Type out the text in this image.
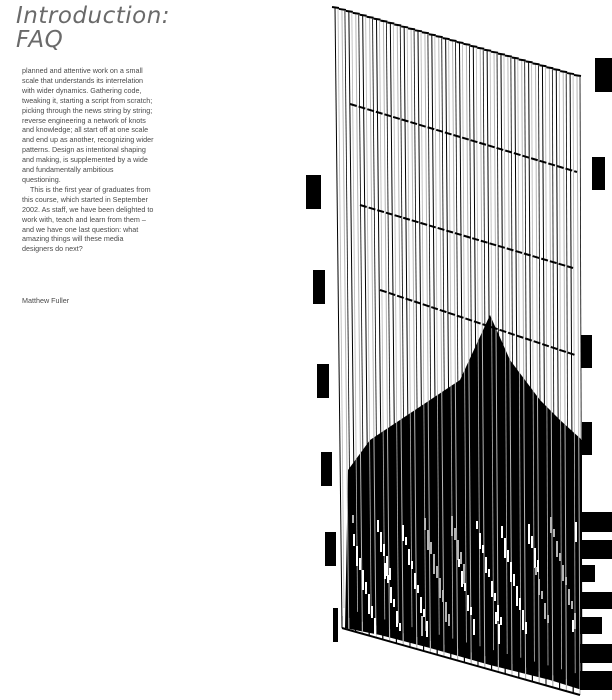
Introduction:
FAQ

planned and attentive work on a small scale that understands its interrelation with wider dynamics. Gathering code, tweaking it, starting a script from scratch; picking through the news string by string; reverse engineering a network of knots and knowledge; all start off at one scale and end up as another, recognizing wider patterns. Design as intentional shaping and making, is supplemented by a wide and fundamentally ambitious questioning.

This is the first year of graduates from this course, which started in September 2002. As staff, we have been delighted to work with, teach and learn from them – and we have one last question: what amazing things will these media designers do next?

Matthew Fuller
